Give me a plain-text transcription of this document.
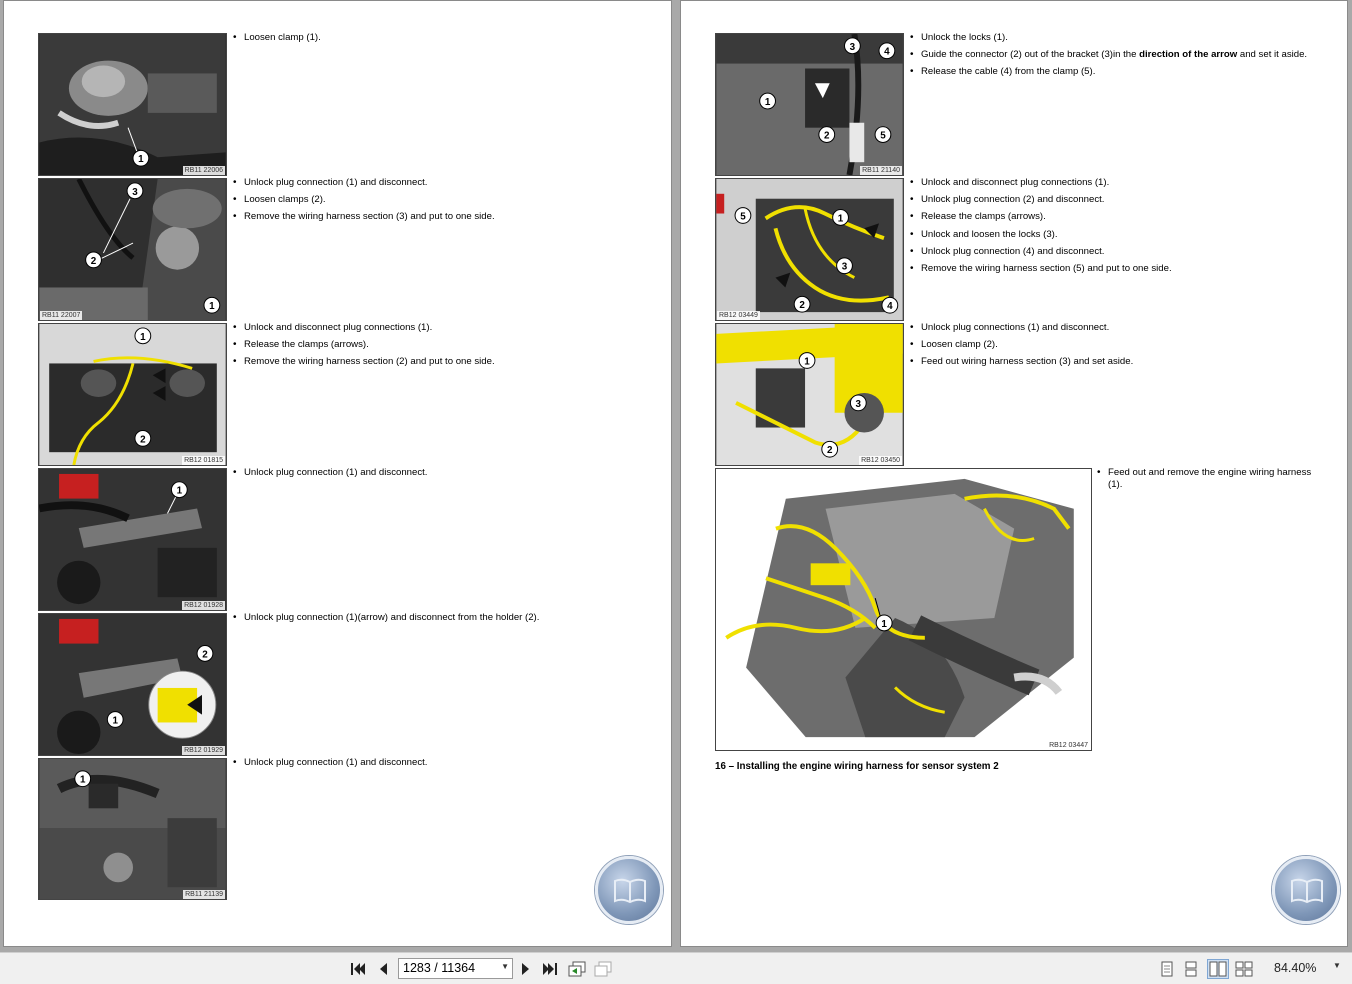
1
RB11 22006
• Loosen clamp (1).
3
2
1
RB11 22007
• Unlock plug connection (1) and disconnect.
• Loosen clamps (2).
• Remove the wiring harness section (3) and put to one side.
1
2
RB12 01815
• Unlock and disconnect plug connections (1).
• Release the clamps (arrows).
• Remove the wiring harness section (2) and put to one side.
1
RB12 01928
• Unlock plug connection (1) and disconnect.
2
1
RB12 01929
• Unlock plug connection (1)(arrow) and disconnect from the holder (2).
1
RB11 21139
• Unlock plug connection (1) and disconnect.
1
2
3	4
5
RB11 21140
• Unlock the locks (1).
• Guide the connector (2) out of the bracket (3)in the direction of the arrow and set it aside.
• Release the cable (4) from the clamp (5).
5	1
3
2	4
RB12 03449
• Unlock and disconnect plug connections (1).
• Unlock plug connection (2) and disconnect.
• Release the clamps (arrows).
• Unlock and loosen the locks (3).
• Unlock plug connection (4) and disconnect.
• Remove the wiring harness section (5) and put to one side.
1
3
2
RB12 03450
• Unlock plug connections (1) and disconnect.
• Loosen clamp (2).
• Feed out wiring harness section (3) and set aside.
1
RB12 03447
• Feed out and remove the engine wiring harness (1).
16 – Installing the engine wiring harness for sensor system 2
1283 / 11364	▼	84.40% ▼
